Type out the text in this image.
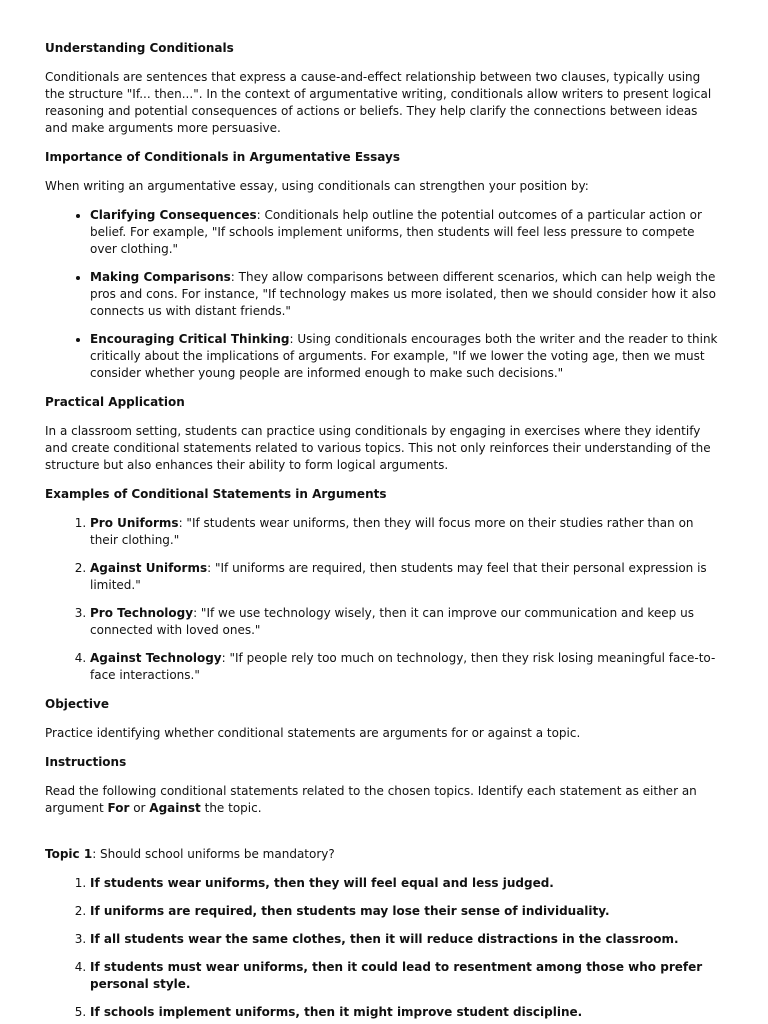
Understanding Conditionals

Conditionals are sentences that express a cause-and-effect relationship between two clauses, typically using the structure "If... then...". In the context of argumentative writing, conditionals allow writers to present logical reasoning and potential consequences of actions or beliefs. They help clarify the connections between ideas and make arguments more persuasive.

Importance of Conditionals in Argumentative Essays

When writing an argumentative essay, using conditionals can strengthen your position by:

• Clarifying Consequences: Conditionals help outline the potential outcomes of a particular action or belief. For example, "If schools implement uniforms, then students will feel less pressure to compete over clothing."
• Making Comparisons: They allow comparisons between different scenarios, which can help weigh the pros and cons. For instance, "If technology makes us more isolated, then we should consider how it also connects us with distant friends."
• Encouraging Critical Thinking: Using conditionals encourages both the writer and the reader to think critically about the implications of arguments. For example, "If we lower the voting age, then we must consider whether young people are informed enough to make such decisions."

Practical Application

In a classroom setting, students can practice using conditionals by engaging in exercises where they identify and create conditional statements related to various topics. This not only reinforces their understanding of the structure but also enhances their ability to form logical arguments.

Examples of Conditional Statements in Arguments

1. Pro Uniforms: "If students wear uniforms, then they will focus more on their studies rather than on their clothing."
2. Against Uniforms: "If uniforms are required, then students may feel that their personal expression is limited."
3. Pro Technology: "If we use technology wisely, then it can improve our communication and keep us connected with loved ones."
4. Against Technology: "If people rely too much on technology, then they risk losing meaningful face-to-face interactions."

Objective

Practice identifying whether conditional statements are arguments for or against a topic.

Instructions

Read the following conditional statements related to the chosen topics. Identify each statement as either an argument For or Against the topic.

Topic 1: Should school uniforms be mandatory?

1. If students wear uniforms, then they will feel equal and less judged.
2. If uniforms are required, then students may lose their sense of individuality.
3. If all students wear the same clothes, then it will reduce distractions in the classroom.
4. If students must wear uniforms, then it could lead to resentment among those who prefer personal style.
5. If schools implement uniforms, then it might improve student discipline.
